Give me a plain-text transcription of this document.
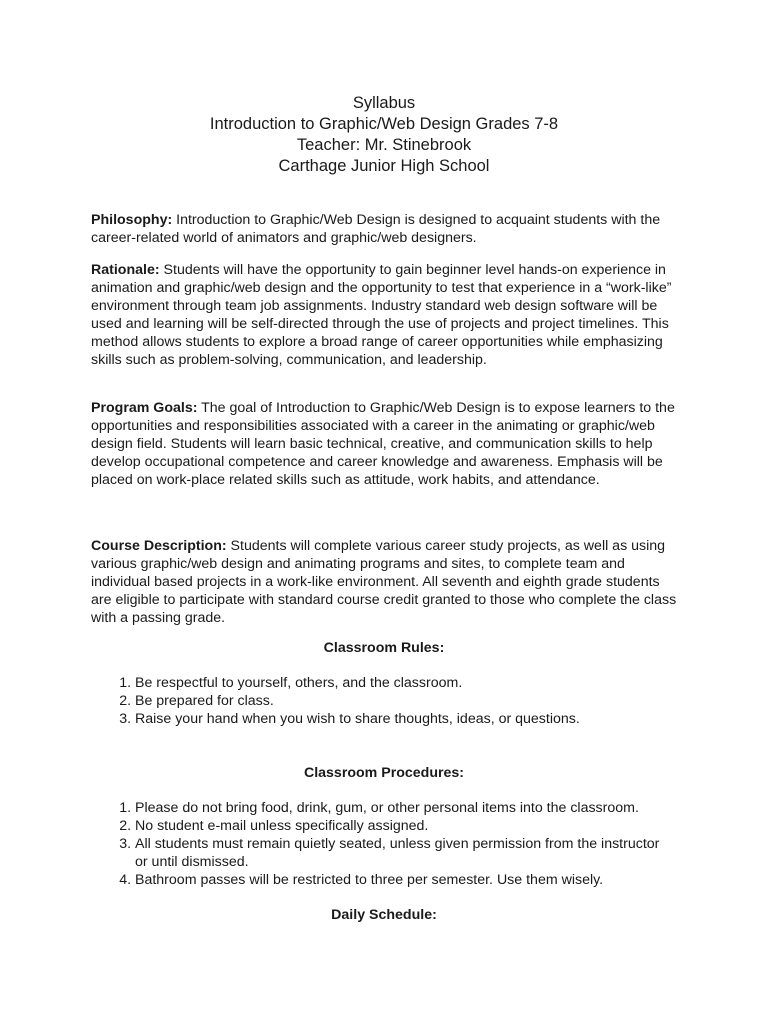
Syllabus
Introduction to Graphic/Web Design Grades 7-8
Teacher: Mr. Stinebrook
Carthage Junior High School
Philosophy: Introduction to Graphic/Web Design is designed to acquaint students with the career-related world of animators and graphic/web designers.
Rationale: Students will have the opportunity to gain beginner level hands-on experience in animation and graphic/web design and the opportunity to test that experience in a “work-like” environment through team job assignments. Industry standard web design software will be used and learning will be self-directed through the use of projects and project timelines. This method allows students to explore a broad range of career opportunities while emphasizing skills such as problem-solving, communication, and leadership.
Program Goals: The goal of Introduction to Graphic/Web Design is to expose learners to the opportunities and responsibilities associated with a career in the animating or graphic/web design field. Students will learn basic technical, creative, and communication skills to help develop occupational competence and career knowledge and awareness. Emphasis will be placed on work-place related skills such as attitude, work habits, and attendance.
Course Description: Students will complete various career study projects, as well as using various graphic/web design and animating programs and sites, to complete team and individual based projects in a work-like environment. All seventh and eighth grade students are eligible to participate with standard course credit granted to those who complete the class with a passing grade.
Classroom Rules:
1. Be respectful to yourself, others, and the classroom.
2. Be prepared for class.
3. Raise your hand when you wish to share thoughts, ideas, or questions.
Classroom Procedures:
1. Please do not bring food, drink, gum, or other personal items into the classroom.
2. No student e-mail unless specifically assigned.
3. All students must remain quietly seated, unless given permission from the instructor or until dismissed.
4. Bathroom passes will be restricted to three per semester. Use them wisely.
Daily Schedule:
